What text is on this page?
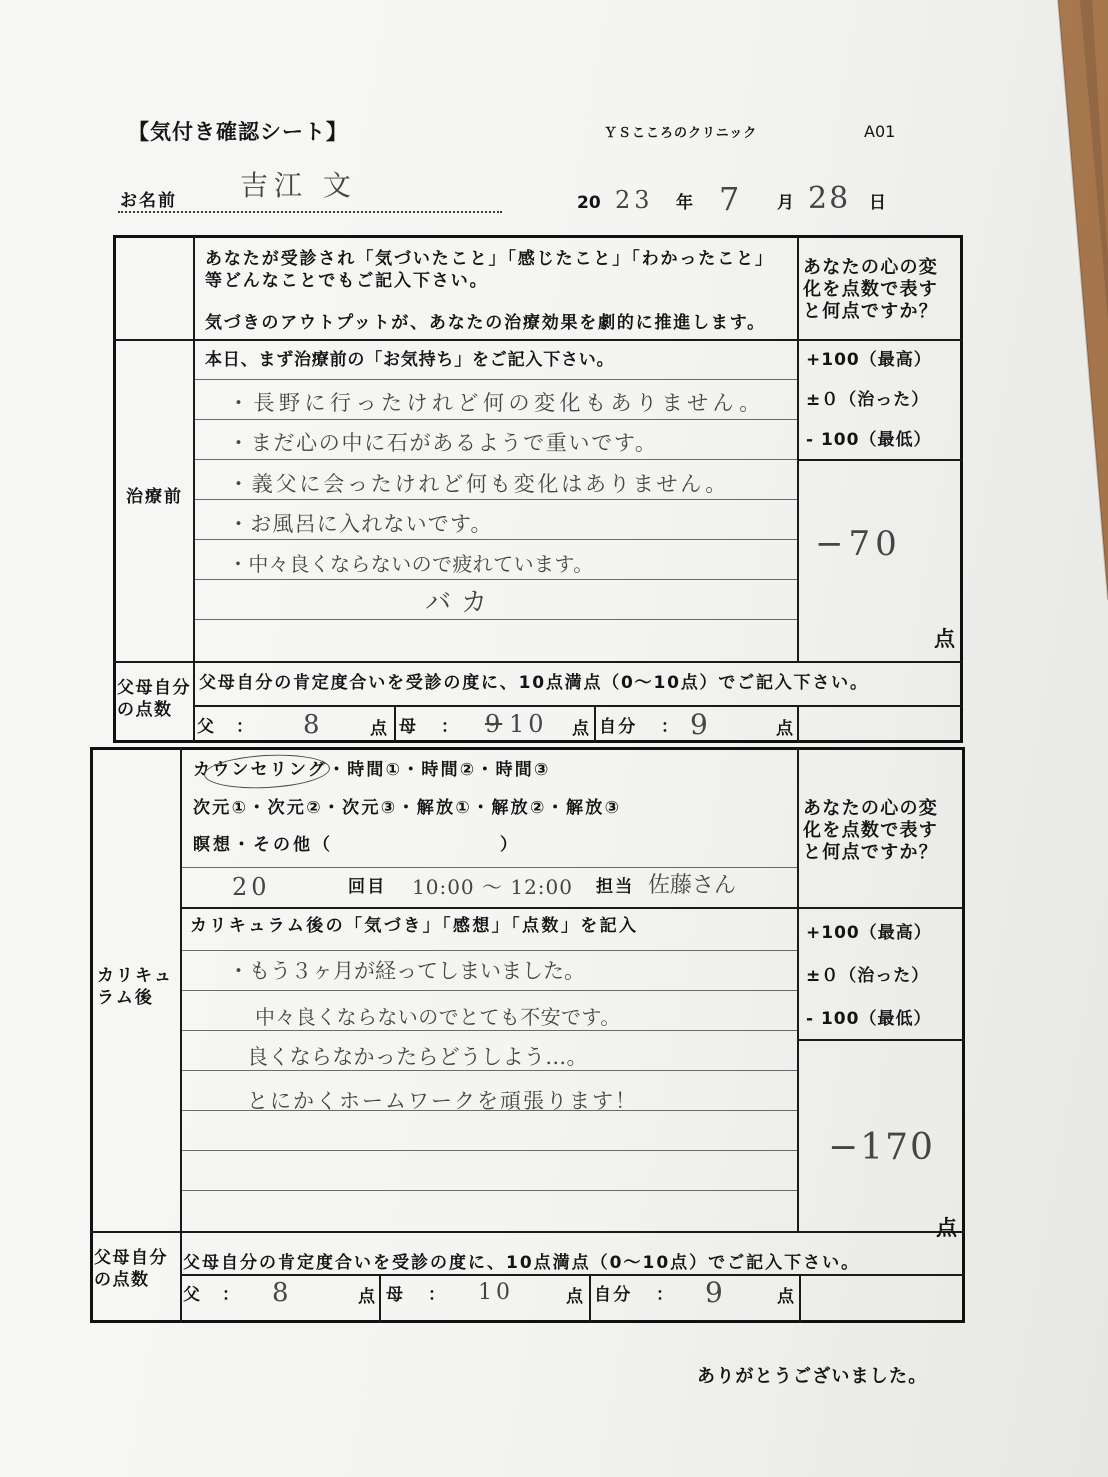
【気付き確認シート】	ＹＳこころのクリニック	A01
お名前 吉江 文
20 23 年 7 月 28 日
あなたが受診され「気づいたこと」「感じたこと」「わかったこと」
等どんなことでもご記入下さい。
気づきのアウトプットが、あなたの治療効果を劇的に推進します。
あなたの心の変
化を点数で表す
と何点ですか？
治療前
本日、まず治療前の「お気持ち」をご記入下さい。
・長野に行ったけれど何の変化もありません。
・まだ心の中に石があるようで重いです。
・義父に会ったけれど何も変化はありません。
・お風呂に入れないです。
・中々良くならないので疲れています。
バカ
+100（最高）
±０（治った）
- 100（最低）
−70
点
父母自分
の点数
父母自分の肯定度合いを受診の度に、10点満点（0～10点）でご記入下さい。
父 ： 8	点 母 ： 9 10 点 自分 ： 9	点
カウンセリング ・時間①・時間②・時間③
次元①・次元②・次元③・解放①・解放②・解放③
瞑想・その他（	）
20	回目 10:00 ～ 12:00 担当 佐藤さん
あなたの心の変
化を点数で表す
と何点ですか？
カリキュ
ラム後
カリキュラム後の「気づき」「感想」「点数」を記入
・もう３ヶ月が経ってしまいました。
中々良くならないのでとても不安です。
良くならなかったらどうしよう…。
とにかくホームワークを頑張ります！
+100（最高）
±０（治った）
- 100（最低）
−170
点
父母自分
の点数
父母自分の肯定度合いを受診の度に、10点満点（0～10点）でご記入下さい。
父 ： 8	点 母 ： 10	点 自分 ： 9	点
ありがとうございました。
